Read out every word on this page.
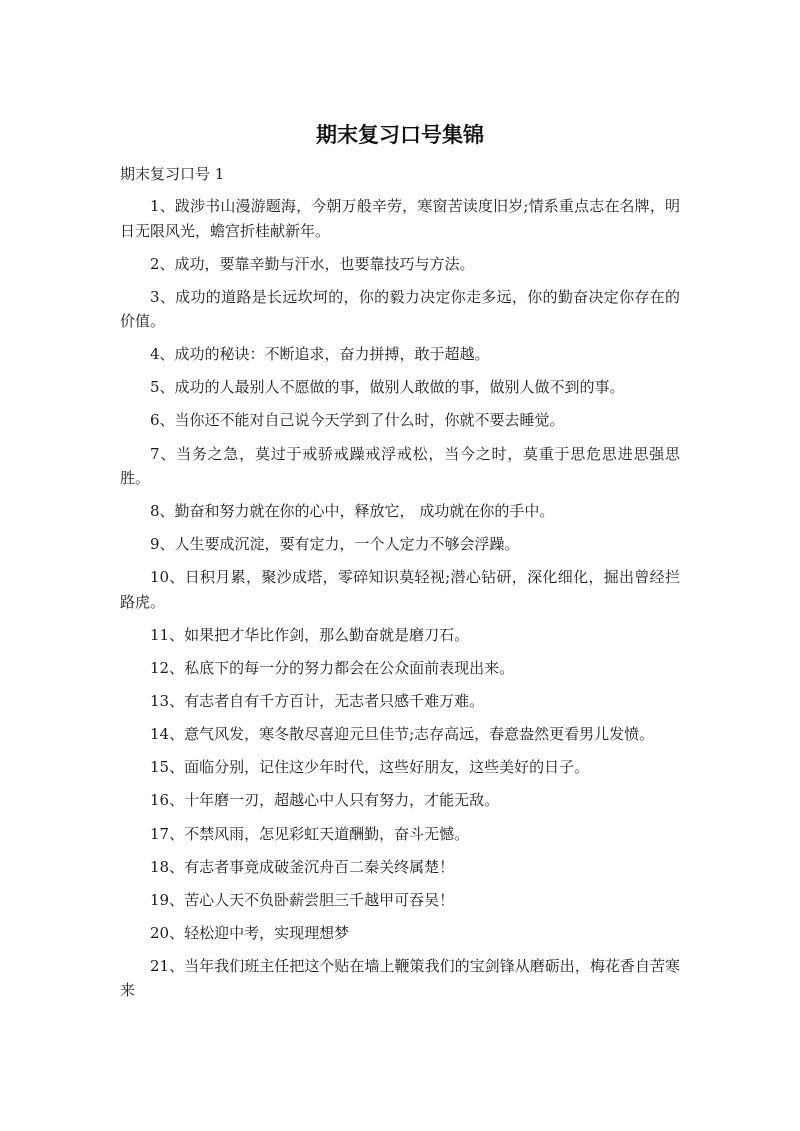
期末复习口号集锦
期末复习口号 1
1、跋涉书山漫游题海，今朝万般辛劳，寒窗苦读度旧岁;情系重点志在名牌，明日无限风光，蟾宫折桂献新年。
2、成功，要靠辛勤与汗水，也要靠技巧与方法。
3、成功的道路是长远坎坷的，你的毅力决定你走多远，你的勤奋决定你存在的价值。
4、成功的秘诀：不断追求，奋力拼搏，敢于超越。
5、成功的人最别人不愿做的事，做别人敢做的事，做别人做不到的事。
6、当你还不能对自己说今天学到了什么时，你就不要去睡觉。
7、当务之急，莫过于戒骄戒躁戒浮戒松，当今之时，莫重于思危思进思强思胜。
8、勤奋和努力就在你的心中，释放它， 成功就在你的手中。
9、人生要成沉淀，要有定力，一个人定力不够会浮躁。
10、日积月累，聚沙成塔，零碎知识莫轻视;潜心钻研，深化细化，掘出曾经拦路虎。
11、如果把才华比作剑，那么勤奋就是磨刀石。
12、私底下的每一分的努力都会在公众面前表现出来。
13、有志者自有千方百计，无志者只感千难万难。
14、意气风发，寒冬散尽喜迎元旦佳节;志存高远，春意盎然更看男儿发愤。
15、面临分别，记住这少年时代，这些好朋友，这些美好的日子。
16、十年磨一刃，超越心中人只有努力，才能无敌。
17、不禁风雨，怎见彩虹天道酬勤，奋斗无憾。
18、有志者事竟成破釜沉舟百二秦关终属楚！
19、苦心人天不负卧薪尝胆三千越甲可吞吴！
20、轻松迎中考，实现理想梦
21、当年我们班主任把这个贴在墙上鞭策我们的宝剑锋从磨砺出，梅花香自苦寒来
